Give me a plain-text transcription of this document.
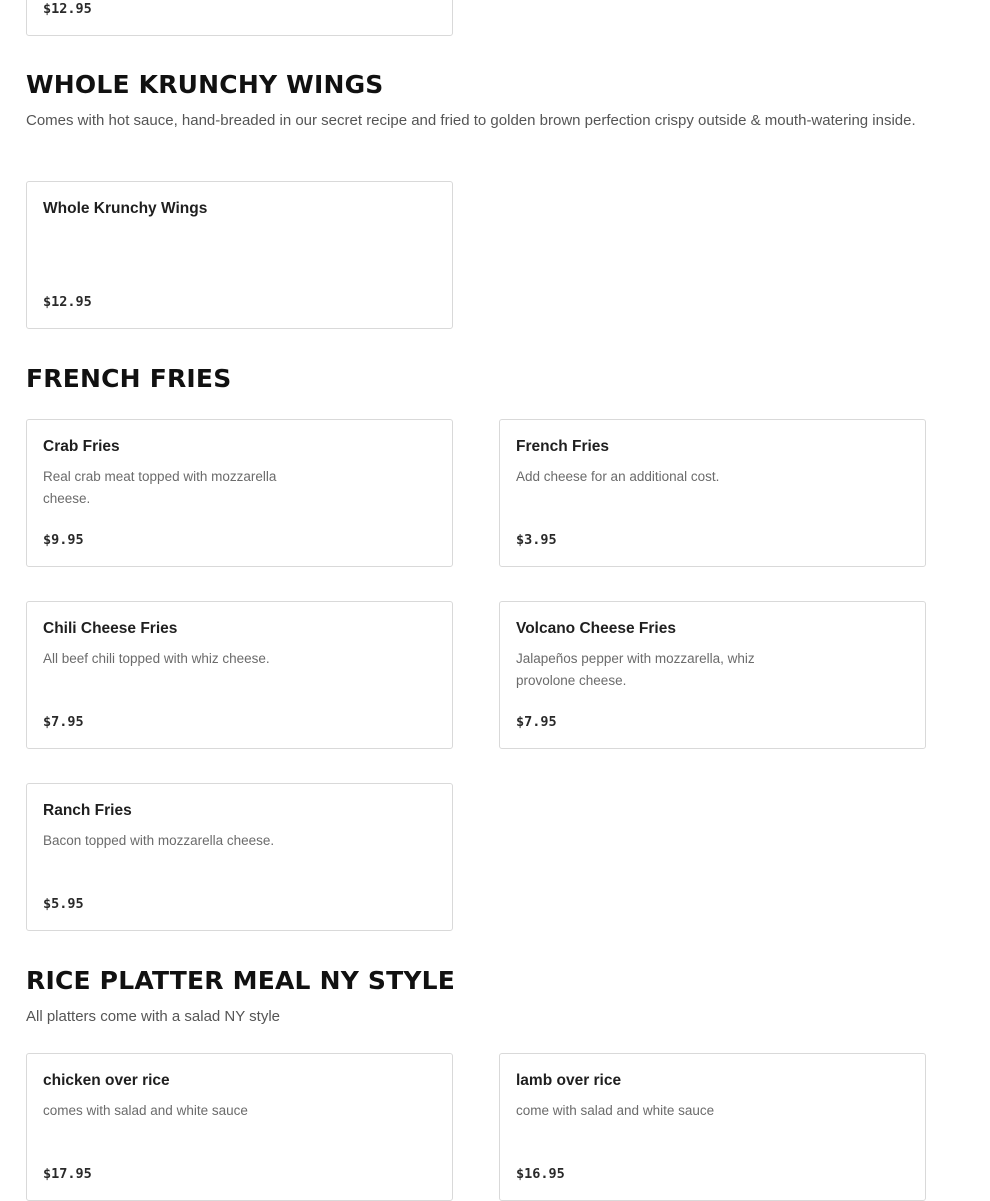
$12.95
WHOLE KRUNCHY WINGS
Comes with hot sauce, hand-breaded in our secret recipe and fried to golden brown perfection crispy outside & mouth-watering inside.
Whole Krunchy Wings
$12.95
FRENCH FRIES
Crab Fries
Real crab meat topped with mozzarella cheese.
$9.95
French Fries
Add cheese for an additional cost.
$3.95
Chili Cheese Fries
All beef chili topped with whiz cheese.
$7.95
Volcano Cheese Fries
Jalapeños pepper with mozzarella, whiz provolone cheese.
$7.95
Ranch Fries
Bacon topped with mozzarella cheese.
$5.95
RICE PLATTER MEAL NY STYLE
All platters come with a salad NY style
chicken over rice
comes with salad and white sauce
$17.95
lamb over rice
come with salad and white sauce
$16.95
